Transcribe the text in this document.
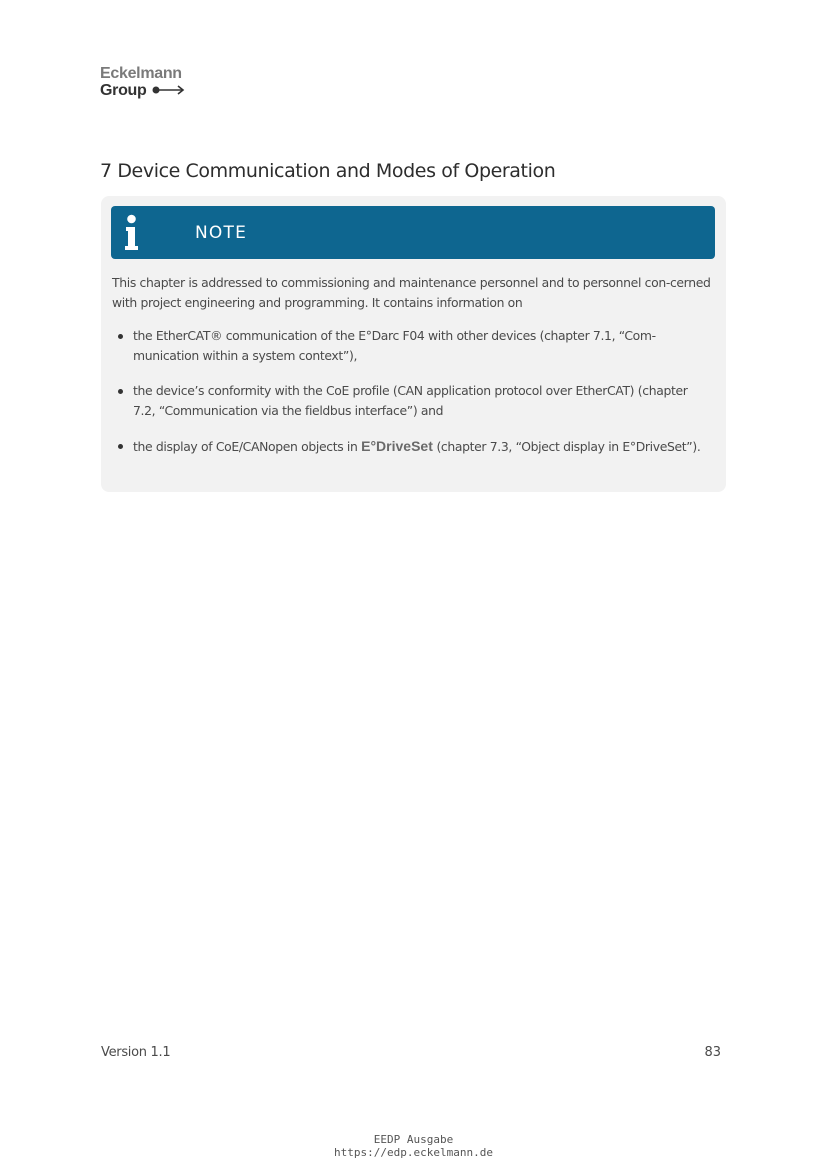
Eckelmann
Group
7 Device Communication and Modes of Operation
NOTE

This chapter is addressed to commissioning and maintenance personnel and to personnel con-cerned with project engineering and programming. It contains information on

the EtherCAT® communication of the E°Darc F04 with other devices (chapter 7.1, “Com-munication within a system context”),
the device’s conformity with the CoE profile (CAN application protocol over EtherCAT) (chapter 7.2, “Communication via the fieldbus interface”) and
the display of CoE/CANopen objects in E°DriveSet (chapter 7.3, “Object display in E°DriveSet”).
Version 1.1	83
EEDP Ausgabe
https://edp.eckelmann.de
